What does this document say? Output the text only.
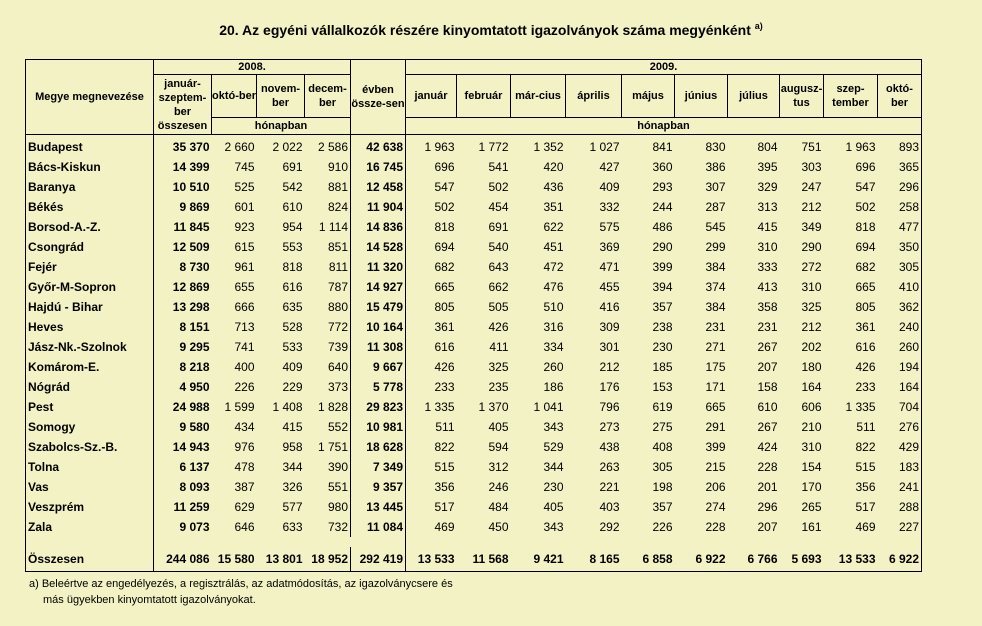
20. Az egyéni vállalkozók részére kinyomtatott igazolványok száma megyénként $^{a)}$
Megye megnevezése	2008.				évben össze-sen	2009.									
	január-szeptem-ber összesen	októ-ber	novem-ber	decem-ber		január	február	már-cius	április	május	június	július	augusz-tus	szep-tember	októ-ber
		hónapban				hónapban									
Budapest	35 370	2 660	2 022	2 586	42 638	1 963	1 772	1 352	1 027	841	830	804	751	1 963	893
Bács-Kiskun	14 399	745	691	910	16 745	696	541	420	427	360	386	395	303	696	365
Baranya	10 510	525	542	881	12 458	547	502	436	409	293	307	329	247	547	296
Békés	9 869	601	610	824	11 904	502	454	351	332	244	287	313	212	502	258
Borsod-A.-Z.	11 845	923	954	1 114	14 836	818	691	622	575	486	545	415	349	818	477
Csongrád	12 509	615	553	851	14 528	694	540	451	369	290	299	310	290	694	350
Fejér	8 730	961	818	811	11 320	682	643	472	471	399	384	333	272	682	305
Győr-M-Sopron	12 869	655	616	787	14 927	665	662	476	455	394	374	413	310	665	410
Hajdú - Bihar	13 298	666	635	880	15 479	805	505	510	416	357	384	358	325	805	362
Heves	8 151	713	528	772	10 164	361	426	316	309	238	231	231	212	361	240
Jász-Nk.-Szolnok	9 295	741	533	739	11 308	616	411	334	301	230	271	267	202	616	260
Komárom-E.	8 218	400	409	640	9 667	426	325	260	212	185	175	207	180	426	194
Nógrád	4 950	226	229	373	5 778	233	235	186	176	153	171	158	164	233	164
Pest	24 988	1 599	1 408	1 828	29 823	1 335	1 370	1 041	796	619	665	610	606	1 335	704
Somogy	9 580	434	415	552	10 981	511	405	343	273	275	291	267	210	511	276
Szabolcs-Sz.-B.	14 943	976	958	1 751	18 628	822	594	529	438	408	399	424	310	822	429
Tolna	6 137	478	344	390	7 349	515	312	344	263	305	215	228	154	515	183
Vas	8 093	387	326	551	9 357	356	246	230	221	198	206	201	170	356	241
Veszprém	11 259	629	577	980	13 445	517	484	405	403	357	274	296	265	517	288
Zala	9 073	646	633	732	11 084	469	450	343	292	226	228	207	161	469	227

Összesen	244 086	15 580	13 801	18 952	292 419	13 533	11 568	9 421	8 165	6 858	6 922	6 766	5 693	13 533	6 922
a) Beleértve az engedélyezés, a regisztrálás, az adatmódosítás, az igazolványcsere és
más ügyekben kinyomtatott igazolványokat.
